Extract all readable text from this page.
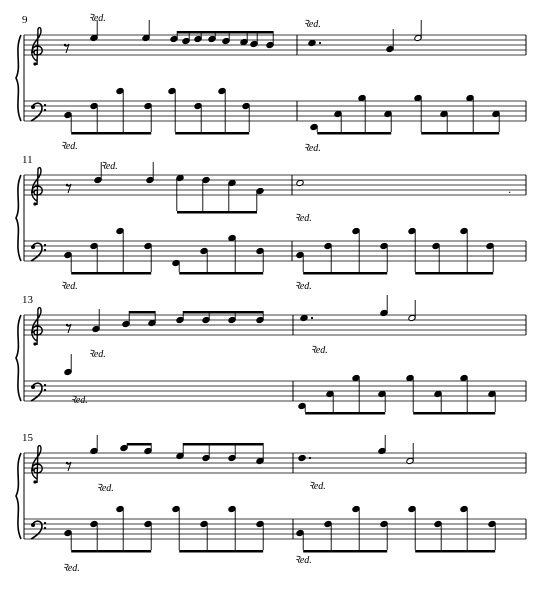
.
9
11
13
15
Ꝛed.
Ꝛed.
Ꝛed.
Ꝛed.
Ꝛed.
Ꝛed.
Ꝛed.
Ꝛed.
Ꝛed.
Ꝛed.
Ꝛed.
Ꝛed.
Ꝛed.
Ꝛed.
Ꝛed.
